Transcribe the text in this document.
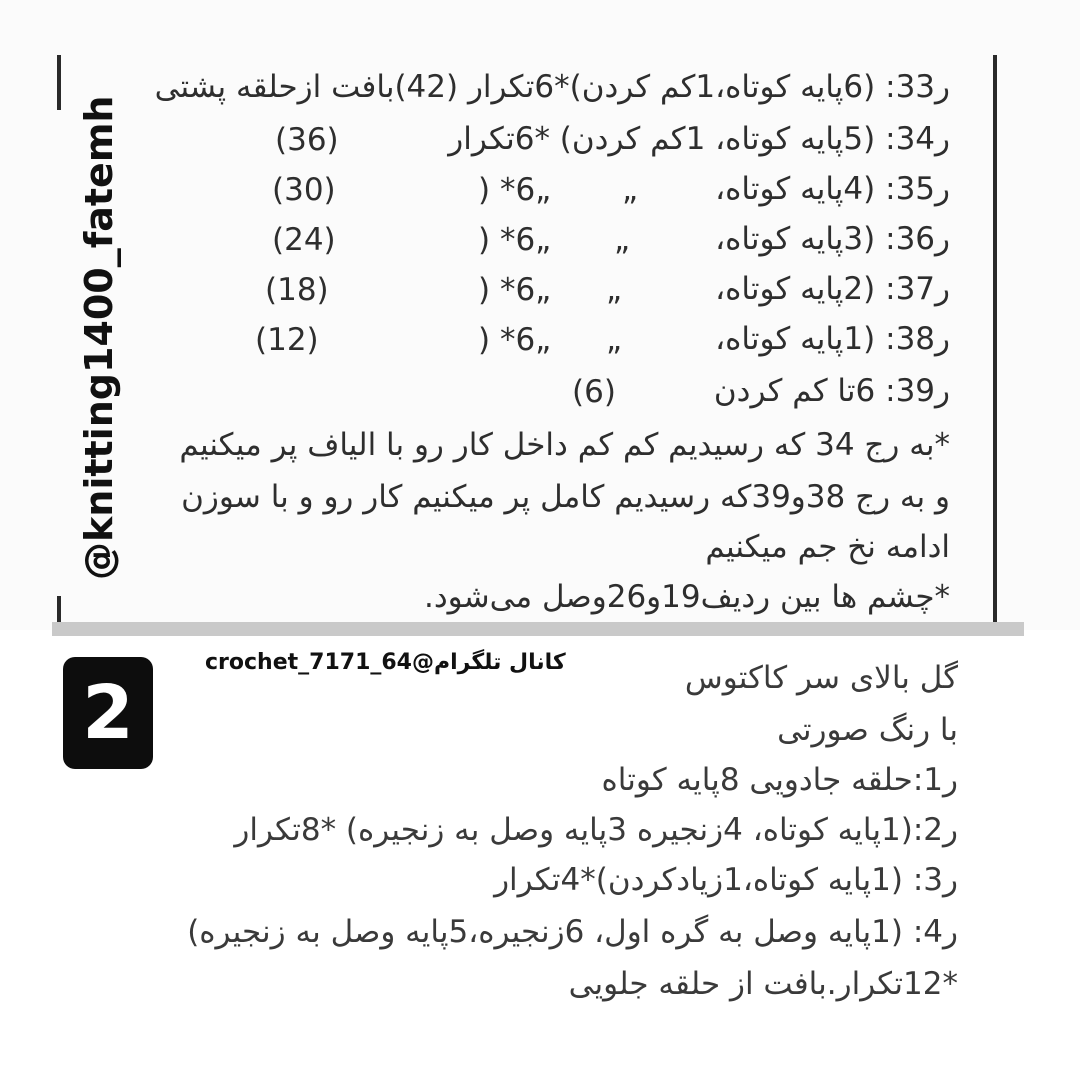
@knitting1400_fatemh
ر33: (6پایه کوتاه،1کم کردن)*6تکرار (42)بافت ازحلقه پشتی
ر34: (5پایه کوتاه، 1کم کردن) *6تکرار
(36)
ر35: (4پایه کوتاه،
„
) *6„
(30)
ر36: (3پایه کوتاه،
„
) *6„
(24)
ر37: (2پایه کوتاه،
„
) *6„
(18)
ر38: (1پایه کوتاه،
„
) *6„
(12)
ر39: 6تا کم کردن
(6)
*به رج 34 که رسیدیم کم کم داخل کار رو با الیاف پر میکنیم
و به رج 38و39که رسیدیم کامل پر میکنیم کار رو و با سوزن
ادامه نخ جم میکنیم
*چشم ها بین ردیف19و26وصل می‌شود.
2
کانال تلگرام@crochet_7171_64	گل بالای سر کاکتوس
با رنگ صورتی
ر1:حلقه جادویی 8پایه کوتاه
ر2:(1پایه کوتاه، 4زنجیره 3پایه وصل به زنجیره) *8تکرار
ر3: (1پایه کوتاه،1زیادکردن)*4تکرار
ر4: (1پایه وصل به گره اول، 6زنجیره،5پایه وصل به زنجیره)
*12تکرار.بافت از حلقه جلویی
